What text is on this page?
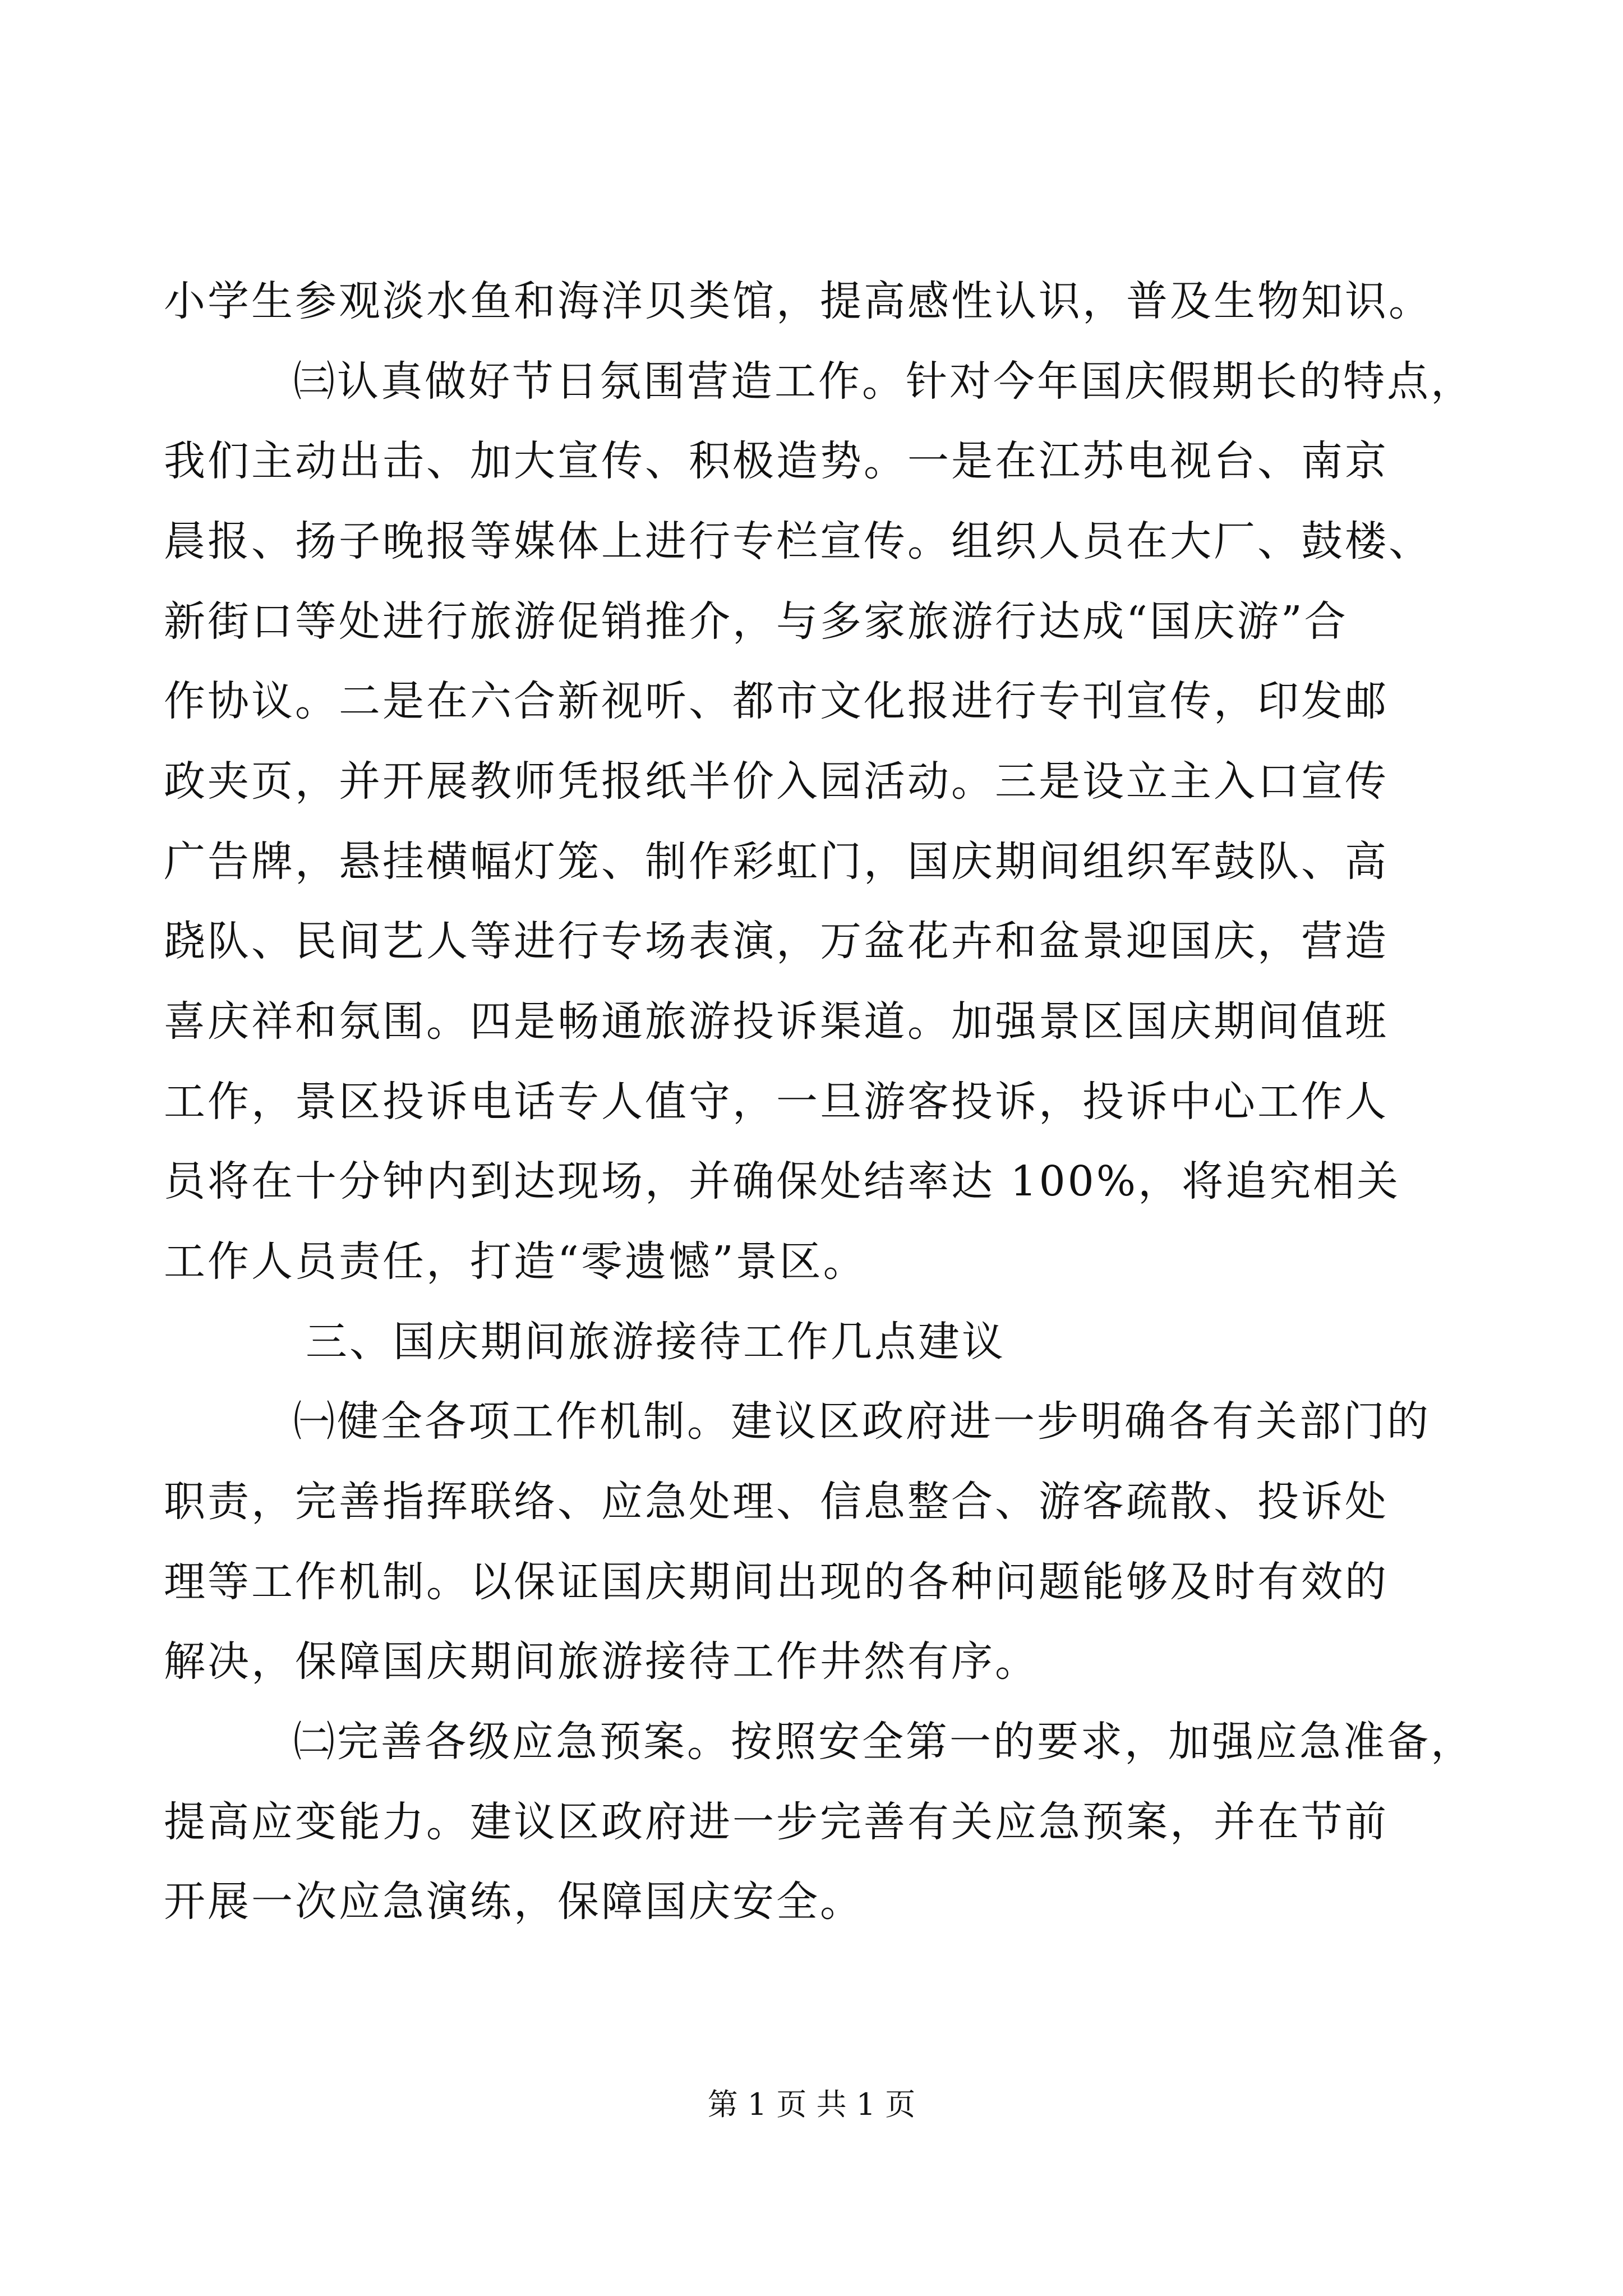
小学生参观淡水鱼和海洋贝类馆，提高感性认识，普及生物知识。
㈢认真做好节日氛围营造工作。针对今年国庆假期长的特点，
我们主动出击、加大宣传、积极造势。一是在江苏电视台、南京
晨报、扬子晚报等媒体上进行专栏宣传。组织人员在大厂、鼓楼、
新街口等处进行旅游促销推介，与多家旅游行达成“国庆游”合
作协议。二是在六合新视听、都市文化报进行专刊宣传，印发邮
政夹页，并开展教师凭报纸半价入园活动。三是设立主入口宣传
广告牌，悬挂横幅灯笼、制作彩虹门，国庆期间组织军鼓队、高
跷队、民间艺人等进行专场表演，万盆花卉和盆景迎国庆，营造
喜庆祥和氛围。四是畅通旅游投诉渠道。加强景区国庆期间值班
工作，景区投诉电话专人值守，一旦游客投诉，投诉中心工作人
员将在十分钟内到达现场，并确保处结率达 100%，将追究相关
工作人员责任，打造“零遗憾”景区。
三、国庆期间旅游接待工作几点建议
㈠健全各项工作机制。建议区政府进一步明确各有关部门的
职责，完善指挥联络、应急处理、信息整合、游客疏散、投诉处
理等工作机制。以保证国庆期间出现的各种问题能够及时有效的
解决，保障国庆期间旅游接待工作井然有序。
㈡完善各级应急预案。按照安全第一的要求，加强应急准备，
提高应变能力。建议区政府进一步完善有关应急预案，并在节前
开展一次应急演练，保障国庆安全。
第 1 页 共 1 页
